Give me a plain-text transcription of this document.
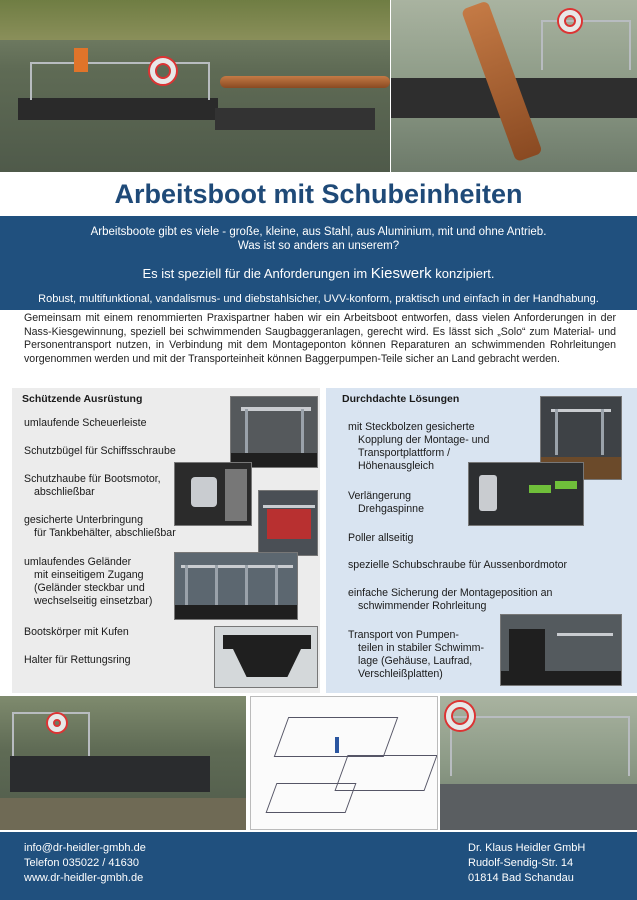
Arbeitsboot mit Schubeinheiten
Arbeitsboote gibt es viele - große, kleine, aus Stahl, aus Aluminium, mit und ohne Antrieb.
Was ist so anders an unserem?
Es ist speziell für die Anforderungen im Kieswerk konzipiert.
Robust, multifunktional, vandalismus- und diebstahlsicher, UVV-konform, praktisch und einfach in der Handhabung.
Gemeinsam mit einem renommierten Praxispartner haben wir ein Arbeitsboot entworfen, dass vielen Anforderungen in der Nass-Kiesgewinnung, speziell bei schwimmenden Saugbaggeranlagen, gerecht wird. Es lässt sich „Solo“ zum Material- und Personentransport nutzen, in Verbindung mit dem Montageponton können Reparaturen an schwimmenden Rohrleitungen vorgenommen werden und mit der Transporteinheit können Baggerpumpen-Teile sicher an Land gebracht werden.
Schützende Ausrüstung
umlaufende Scheuerleiste
Schutzbügel für Schiffsschraube
Schutzhaube für Bootsmotor,
abschließbar
gesicherte Unterbringung
für Tankbehälter, abschließbar
umlaufendes Geländer
mit einseitigem Zugang
(Geländer steckbar und
wechselseitig einsetzbar)
Bootskörper mit Kufen
Halter für Rettungsring
Durchdachte Lösungen
mit Steckbolzen gesicherte
Kopplung der Montage- und
Transportplattform /
Höhenausgleich
Verlängerung
Drehgaspinne
Poller allseitig
spezielle Schubschraube für Aussenbordmotor
einfache Sicherung der Montageposition an
schwimmender Rohrleitung
Transport von Pumpen-
teilen in stabiler Schwimm-
lage (Gehäuse, Laufrad,
Verschleißplatten)
info@dr-heidler-gmbh.de
Telefon 035022 / 41630
www.dr-heidler-gmbh.de
Dr. Klaus Heidler GmbH
Rudolf-Sendig-Str. 14
01814 Bad Schandau
